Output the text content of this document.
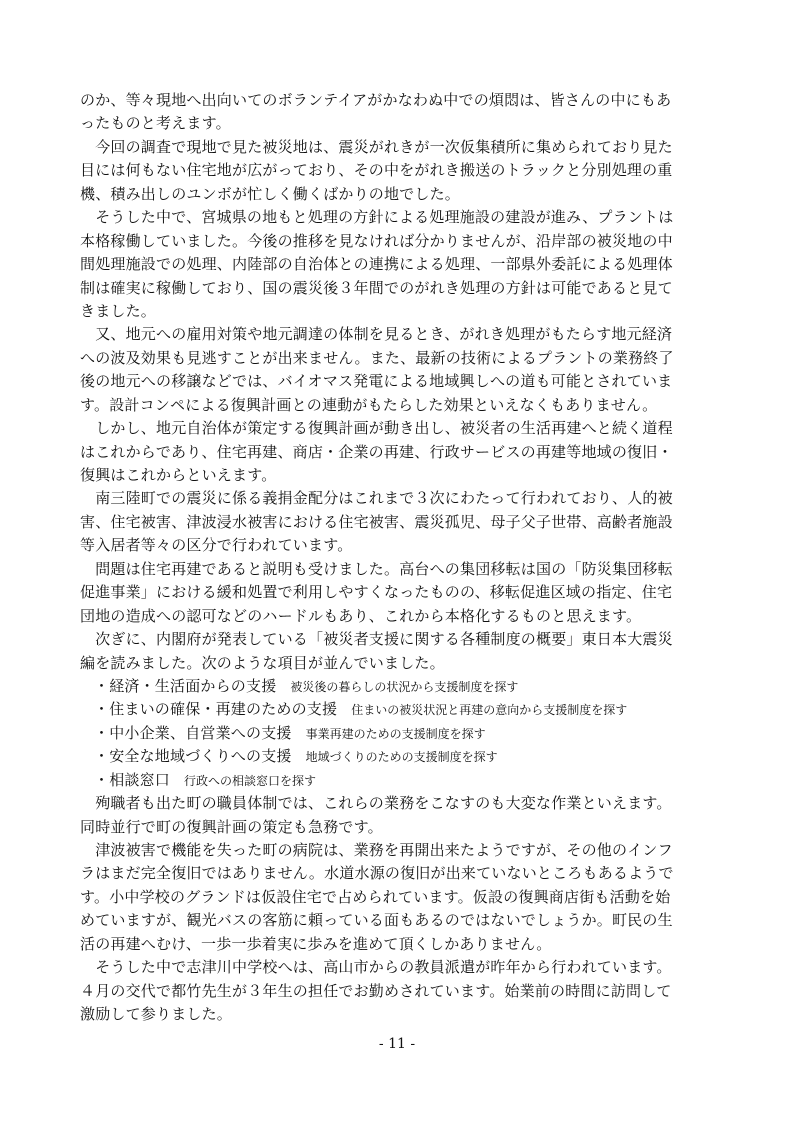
のか、等々現地へ出向いてのボランテイアがかなわぬ中での煩悶は、皆さんの中にもあ
ったものと考えます。
　今回の調査で現地で見た被災地は、震災がれきが一次仮集積所に集められており見た
目には何もない住宅地が広がっており、その中をがれき搬送のトラックと分別処理の重
機、積み出しのユンボが忙しく働くばかりの地でした。
　そうした中で、宮城県の地もと処理の方針による処理施設の建設が進み、プラントは
本格稼働していました。今後の推移を見なければ分かりませんが、沿岸部の被災地の中
間処理施設での処理、内陸部の自治体との連携による処理、一部県外委託による処理体
制は確実に稼働しており、国の震災後３年間でのがれき処理の方針は可能であると見て
きました。
　又、地元への雇用対策や地元調達の体制を見るとき、がれき処理がもたらす地元経済
への波及効果も見逃すことが出来ません。また、最新の技術によるプラントの業務終了
後の地元への移譲などでは、バイオマス発電による地域興しへの道も可能とされていま
す。設計コンペによる復興計画との連動がもたらした効果といえなくもありません。
　しかし、地元自治体が策定する復興計画が動き出し、被災者の生活再建へと続く道程
はこれからであり、住宅再建、商店・企業の再建、行政サービスの再建等地域の復旧・
復興はこれからといえます。
　南三陸町での震災に係る義捐金配分はこれまで３次にわたって行われており、人的被
害、住宅被害、津波浸水被害における住宅被害、震災孤児、母子父子世帯、高齢者施設
等入居者等々の区分で行われています。
　問題は住宅再建であると説明も受けました。高台への集団移転は国の「防災集団移転
促進事業」における緩和処置で利用しやすくなったものの、移転促進区域の指定、住宅
団地の造成への認可などのハードルもあり、これから本格化するものと思えます。
　次ぎに、内閣府が発表している「被災者支援に関する各種制度の概要」東日本大震災
編を読みました。次のような項目が並んでいました。
・経済・生活面からの支援 被災後の暮らしの状況から支援制度を探す
・住まいの確保・再建のための支援 住まいの被災状況と再建の意向から支援制度を探す
・中小企業、自営業への支援 事業再建のための支援制度を探す
・安全な地域づくりへの支援 地域づくりのための支援制度を探す
・相談窓口 行政への相談窓口を探す
　殉職者も出た町の職員体制では、これらの業務をこなすのも大変な作業といえます。
同時並行で町の復興計画の策定も急務です。
　津波被害で機能を失った町の病院は、業務を再開出来たようですが、その他のインフ
ラはまだ完全復旧ではありません。水道水源の復旧が出来ていないところもあるようで
す。小中学校のグランドは仮設住宅で占められています。仮設の復興商店街も活動を始
めていますが、観光バスの客筋に頼っている面もあるのではないでしょうか。町民の生
活の再建へむけ、一歩一歩着実に歩みを進めて頂くしかありません。
　そうした中で志津川中学校へは、高山市からの教員派遣が昨年から行われています。
４月の交代で都竹先生が３年生の担任でお勤めされています。始業前の時間に訪問して
激励して参りました。
- 11 -
